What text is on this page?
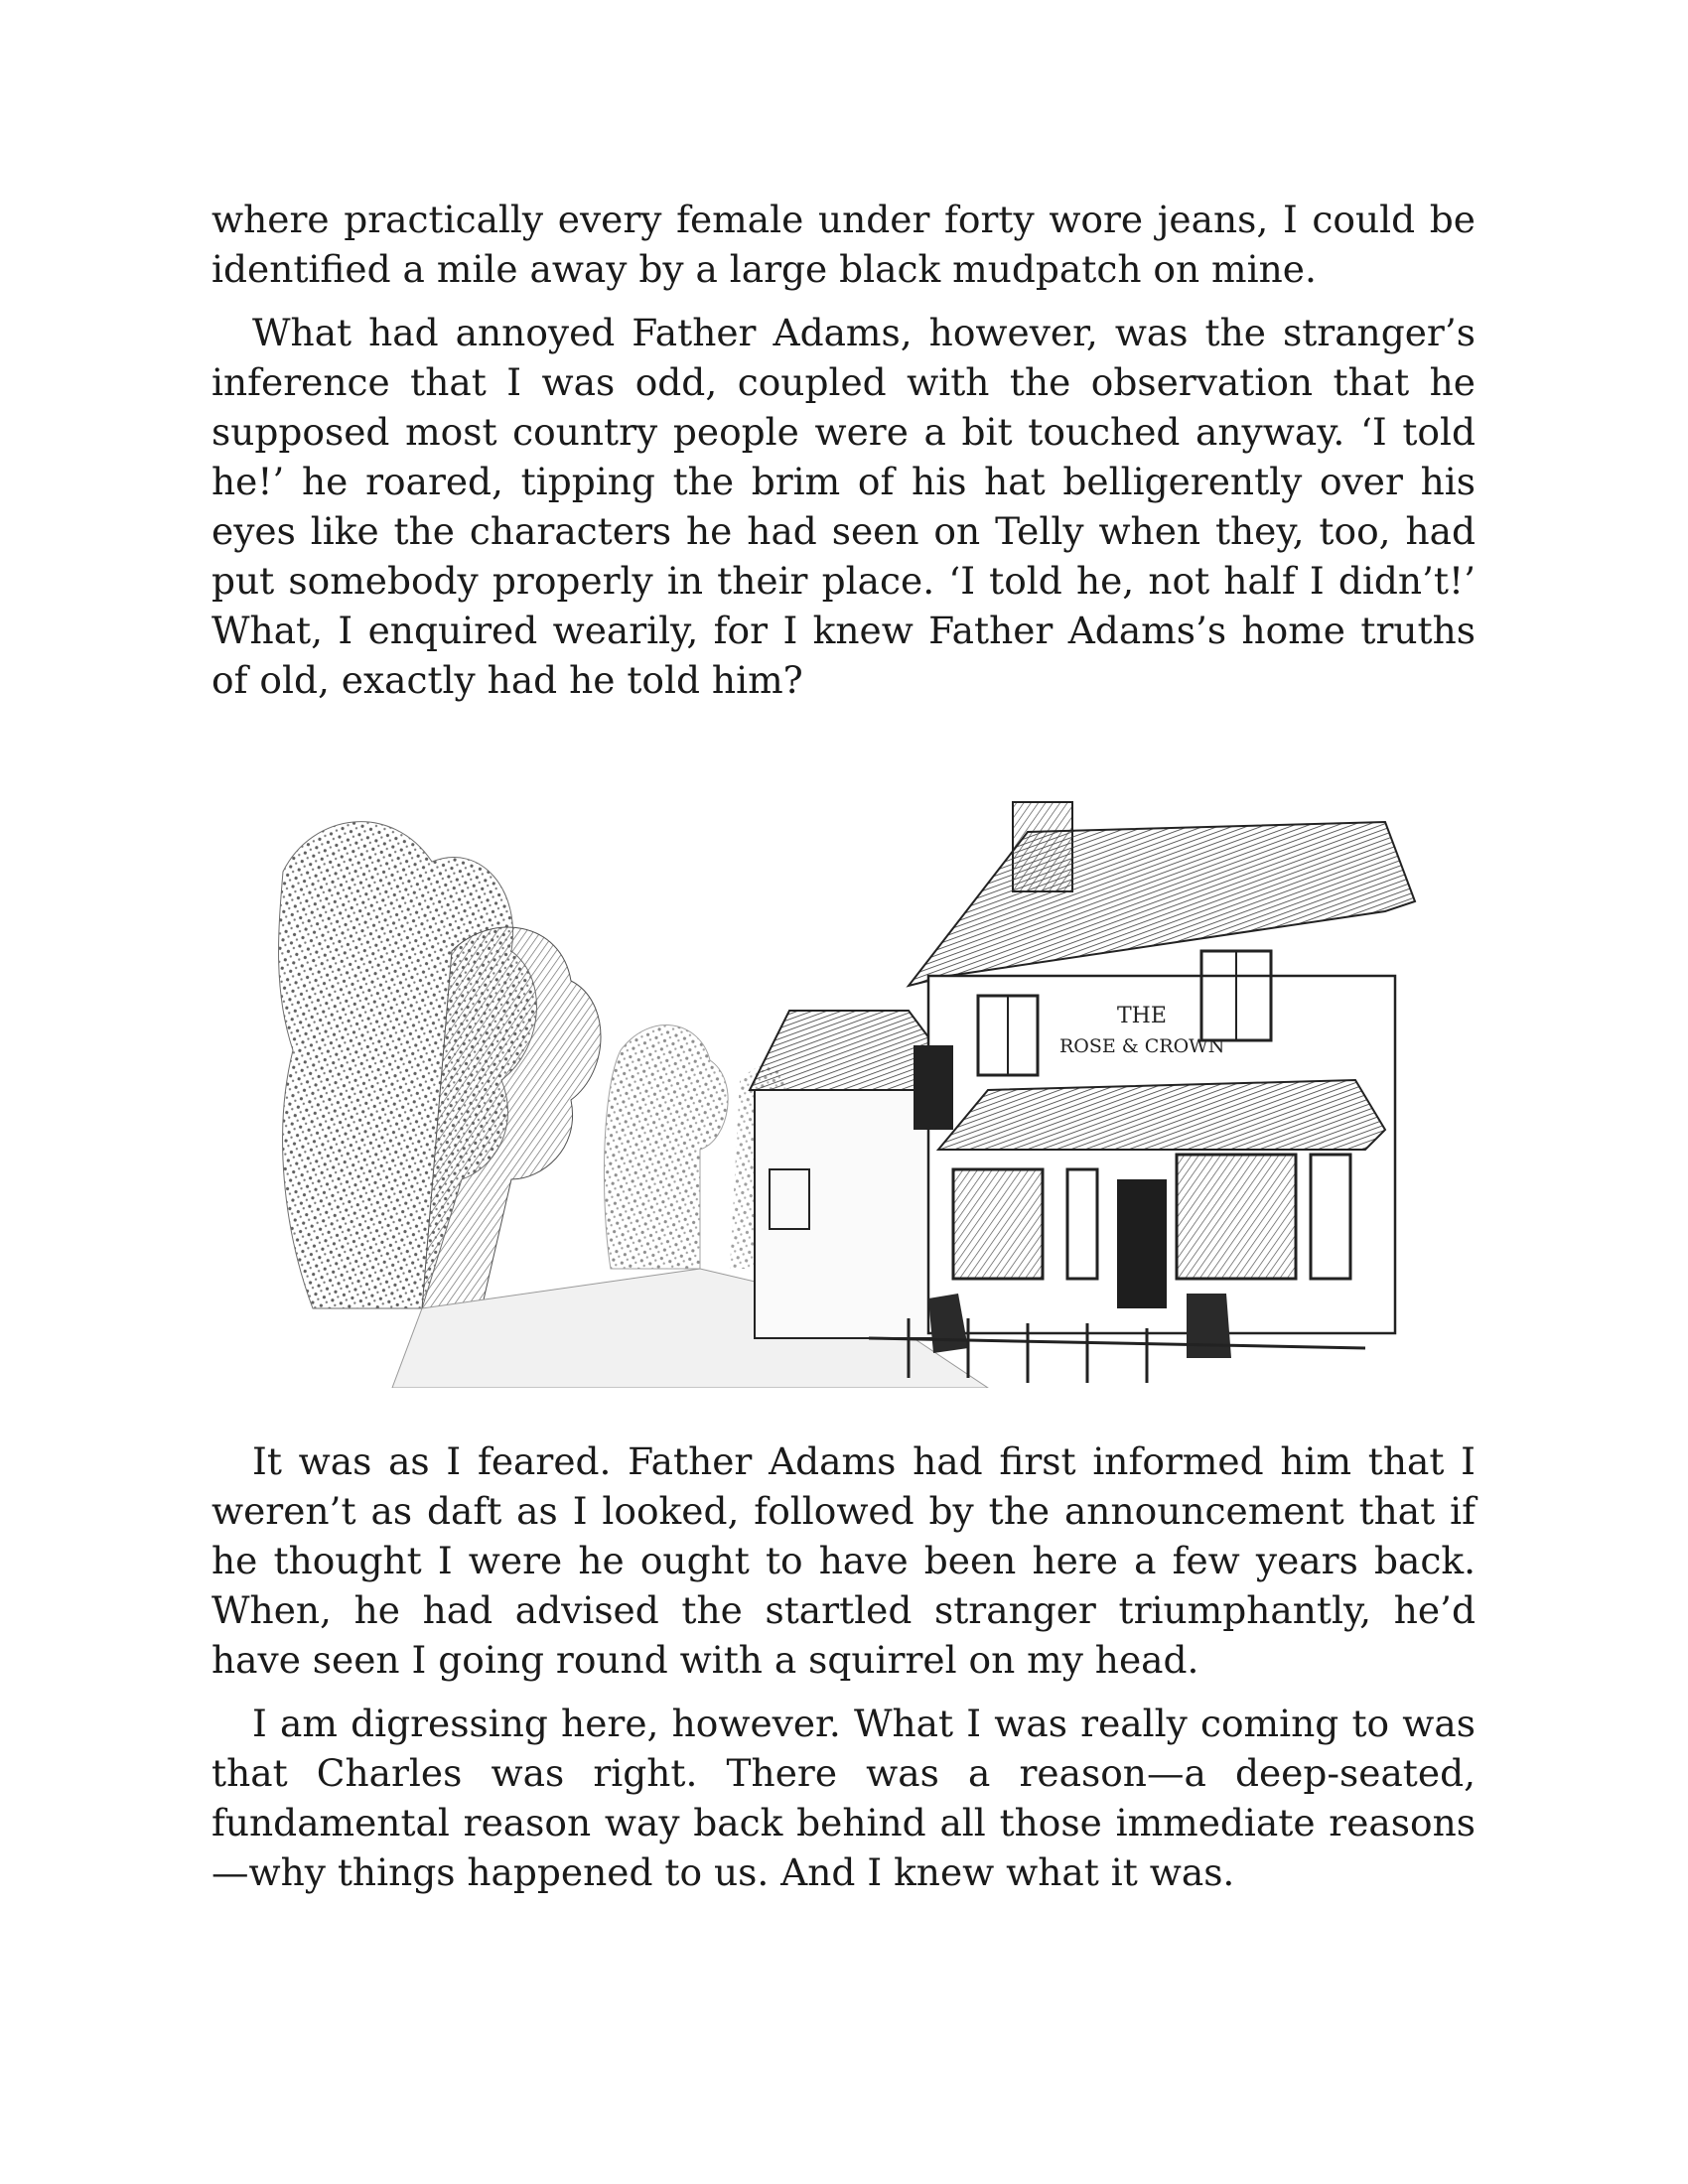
where practically every female under forty wore jeans, I could be identified a mile away by a large black mudpatch on mine.

What had annoyed Father Adams, however, was the stranger’s inference that I was odd, coupled with the observation that he supposed most country people were a bit touched anyway. ‘I told he!’ he roared, tipping the brim of his hat belligerently over his eyes like the characters he had seen on Telly when they, too, had put somebody properly in their place. ‘I told he, not half I didn’t!’ What, I enquired wearily, for I knew Father Adams’s home truths of old, exactly had he told him?

THE
ROSE & CROWN

It was as I feared. Father Adams had first informed him that I weren’t as daft as I looked, followed by the announcement that if he thought I were he ought to have been here a few years back. When, he had advised the startled stranger triumphantly, he’d have seen I going round with a squirrel on my head.

I am digressing here, however. What I was really coming to was that Charles was right. There was a reason—a deep-seated, fundamental reason way back behind all those immediate reasons—why things happened to us. And I knew what it was.
